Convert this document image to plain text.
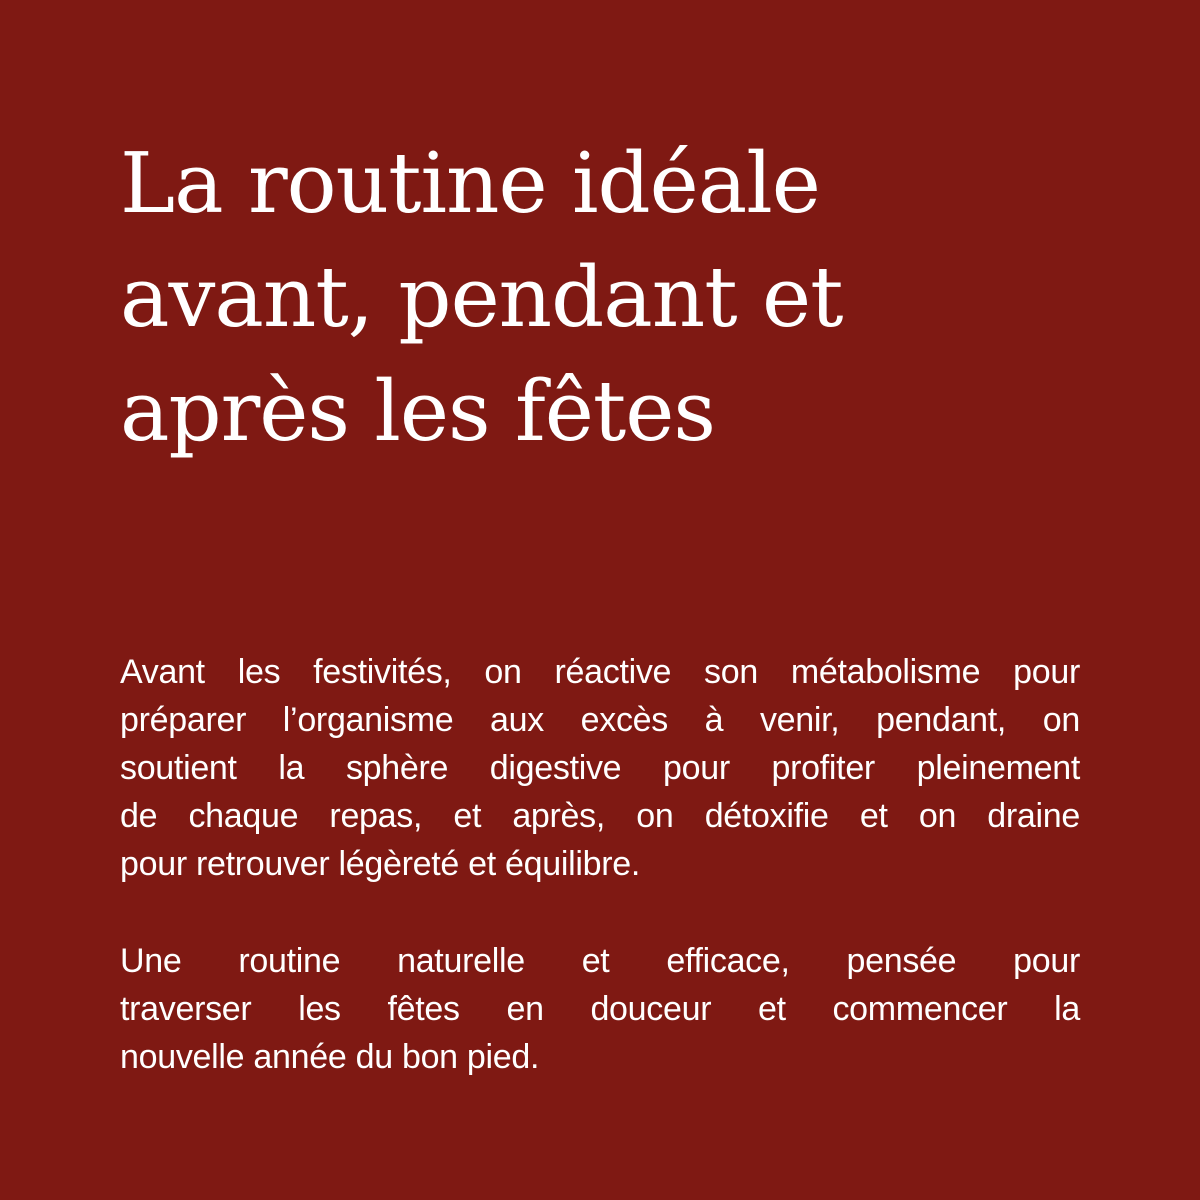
La routine idéale
avant, pendant et
après les fêtes

Avant les festivités, on réactive son métabolisme pour
préparer l’organisme aux excès à venir, pendant, on
soutient la sphère digestive pour profiter pleinement
de chaque repas, et après, on détoxifie et on draine
pour retrouver légèreté et équilibre.

Une routine naturelle et efficace, pensée pour
traverser les fêtes en douceur et commencer la
nouvelle année du bon pied.
